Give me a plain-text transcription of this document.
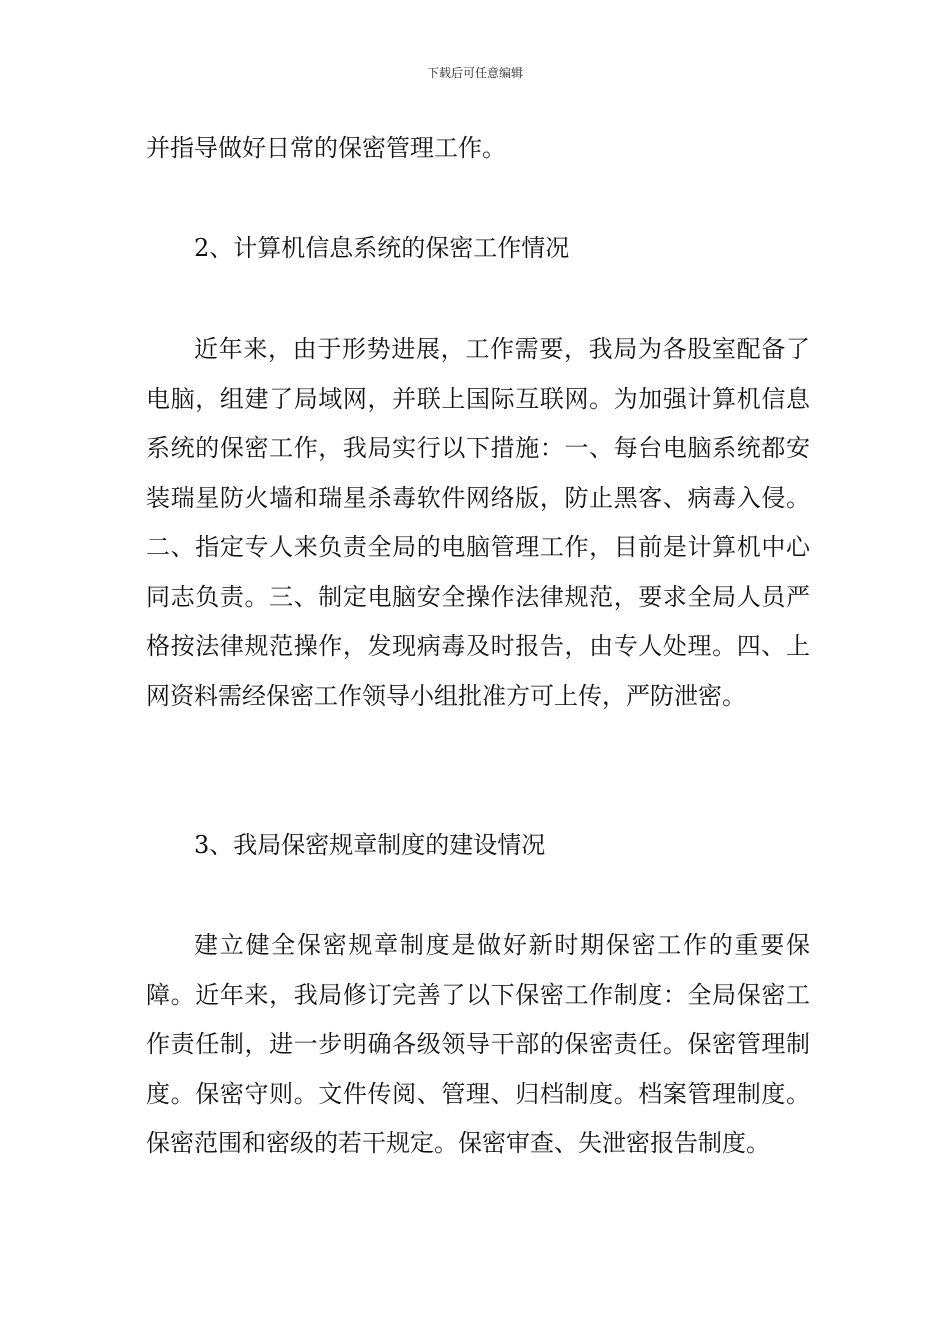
下载后可任意编辑

并指导做好日常的保密管理工作。

2、计算机信息系统的保密工作情况

近年来，由于形势进展，工作需要，我局为各股室配备了电脑，组建了局域网，并联上国际互联网。为加强计算机信息系统的保密工作，我局实行以下措施：一、每台电脑系统都安装瑞星防火墙和瑞星杀毒软件网络版，防止黑客、病毒入侵。二、指定专人来负责全局的电脑管理工作，目前是计算机中心同志负责。三、制定电脑安全操作法律规范，要求全局人员严格按法律规范操作，发现病毒及时报告，由专人处理。四、上网资料需经保密工作领导小组批准方可上传，严防泄密。

3、我局保密规章制度的建设情况

建立健全保密规章制度是做好新时期保密工作的重要保障。近年来，我局修订完善了以下保密工作制度：全局保密工作责任制，进一步明确各级领导干部的保密责任。保密管理制度。保密守则。文件传阅、管理、归档制度。档案管理制度。保密范围和密级的若干规定。保密审查、失泄密报告制度。
